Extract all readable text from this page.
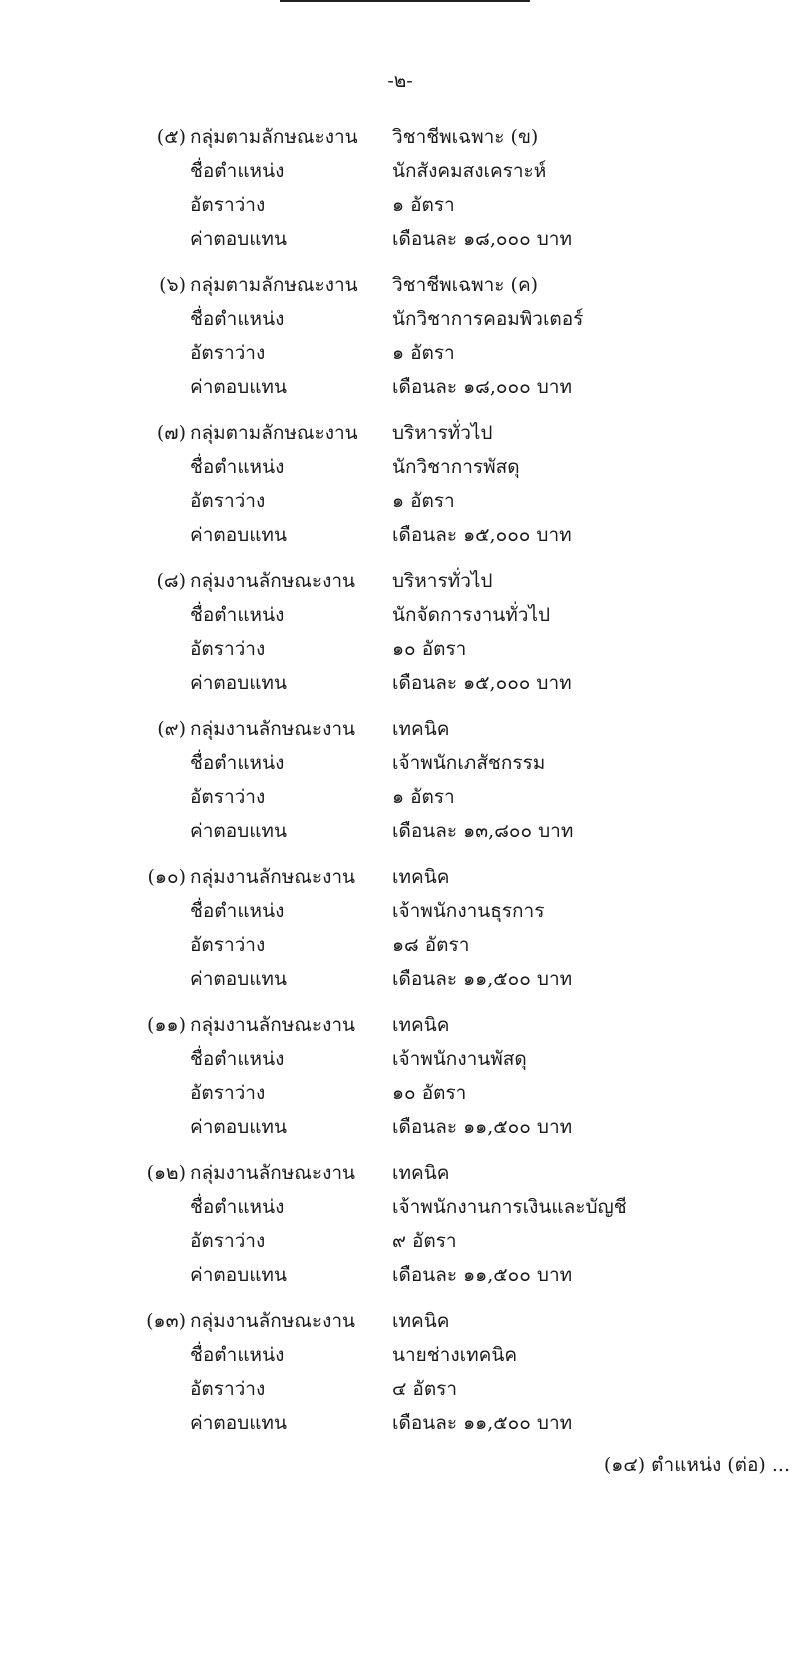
-๒-
(๕) กลุ่มตามลักษณะงาน วิชาชีพเฉพาะ (ข)
ชื่อตำแหน่ง	นักสังคมสงเคราะห์
อัตราว่าง	๑ อัตรา
ค่าตอบแทน	เดือนละ ๑๘,๐๐๐ บาท
(๖) กลุ่มตามลักษณะงาน วิชาชีพเฉพาะ (ค)
ชื่อตำแหน่ง	นักวิชาการคอมพิวเตอร์
อัตราว่าง	๑ อัตรา
ค่าตอบแทน	เดือนละ ๑๘,๐๐๐ บาท
(๗) กลุ่มตามลักษณะงาน บริหารทั่วไป
ชื่อตำแหน่ง	นักวิชาการพัสดุ
อัตราว่าง	๑ อัตรา
ค่าตอบแทน	เดือนละ ๑๕,๐๐๐ บาท
(๘) กลุ่มงานลักษณะงาน บริหารทั่วไป
ชื่อตำแหน่ง	นักจัดการงานทั่วไป
อัตราว่าง	๑๐ อัตรา
ค่าตอบแทน	เดือนละ ๑๕,๐๐๐ บาท
(๙) กลุ่มงานลักษณะงาน เทคนิค
ชื่อตำแหน่ง	เจ้าพนักเภสัชกรรม
อัตราว่าง	๑ อัตรา
ค่าตอบแทน	เดือนละ ๑๓,๘๐๐ บาท
(๑๐) กลุ่มงานลักษณะงาน เทคนิค
ชื่อตำแหน่ง	เจ้าพนักงานธุรการ
อัตราว่าง	๑๘ อัตรา
ค่าตอบแทน	เดือนละ ๑๑,๕๐๐ บาท
(๑๑) กลุ่มงานลักษณะงาน เทคนิค
ชื่อตำแหน่ง	เจ้าพนักงานพัสดุ
อัตราว่าง	๑๐ อัตรา
ค่าตอบแทน	เดือนละ ๑๑,๕๐๐ บาท
(๑๒) กลุ่มงานลักษณะงาน เทคนิค
ชื่อตำแหน่ง	เจ้าพนักงานการเงินและบัญชี
อัตราว่าง	๙ อัตรา
ค่าตอบแทน	เดือนละ ๑๑,๕๐๐ บาท
(๑๓) กลุ่มงานลักษณะงาน เทคนิค
ชื่อตำแหน่ง	นายช่างเทคนิค
อัตราว่าง	๔ อัตรา
ค่าตอบแทน	เดือนละ ๑๑,๕๐๐ บาท
(๑๔) ตำแหน่ง (ต่อ) ...
